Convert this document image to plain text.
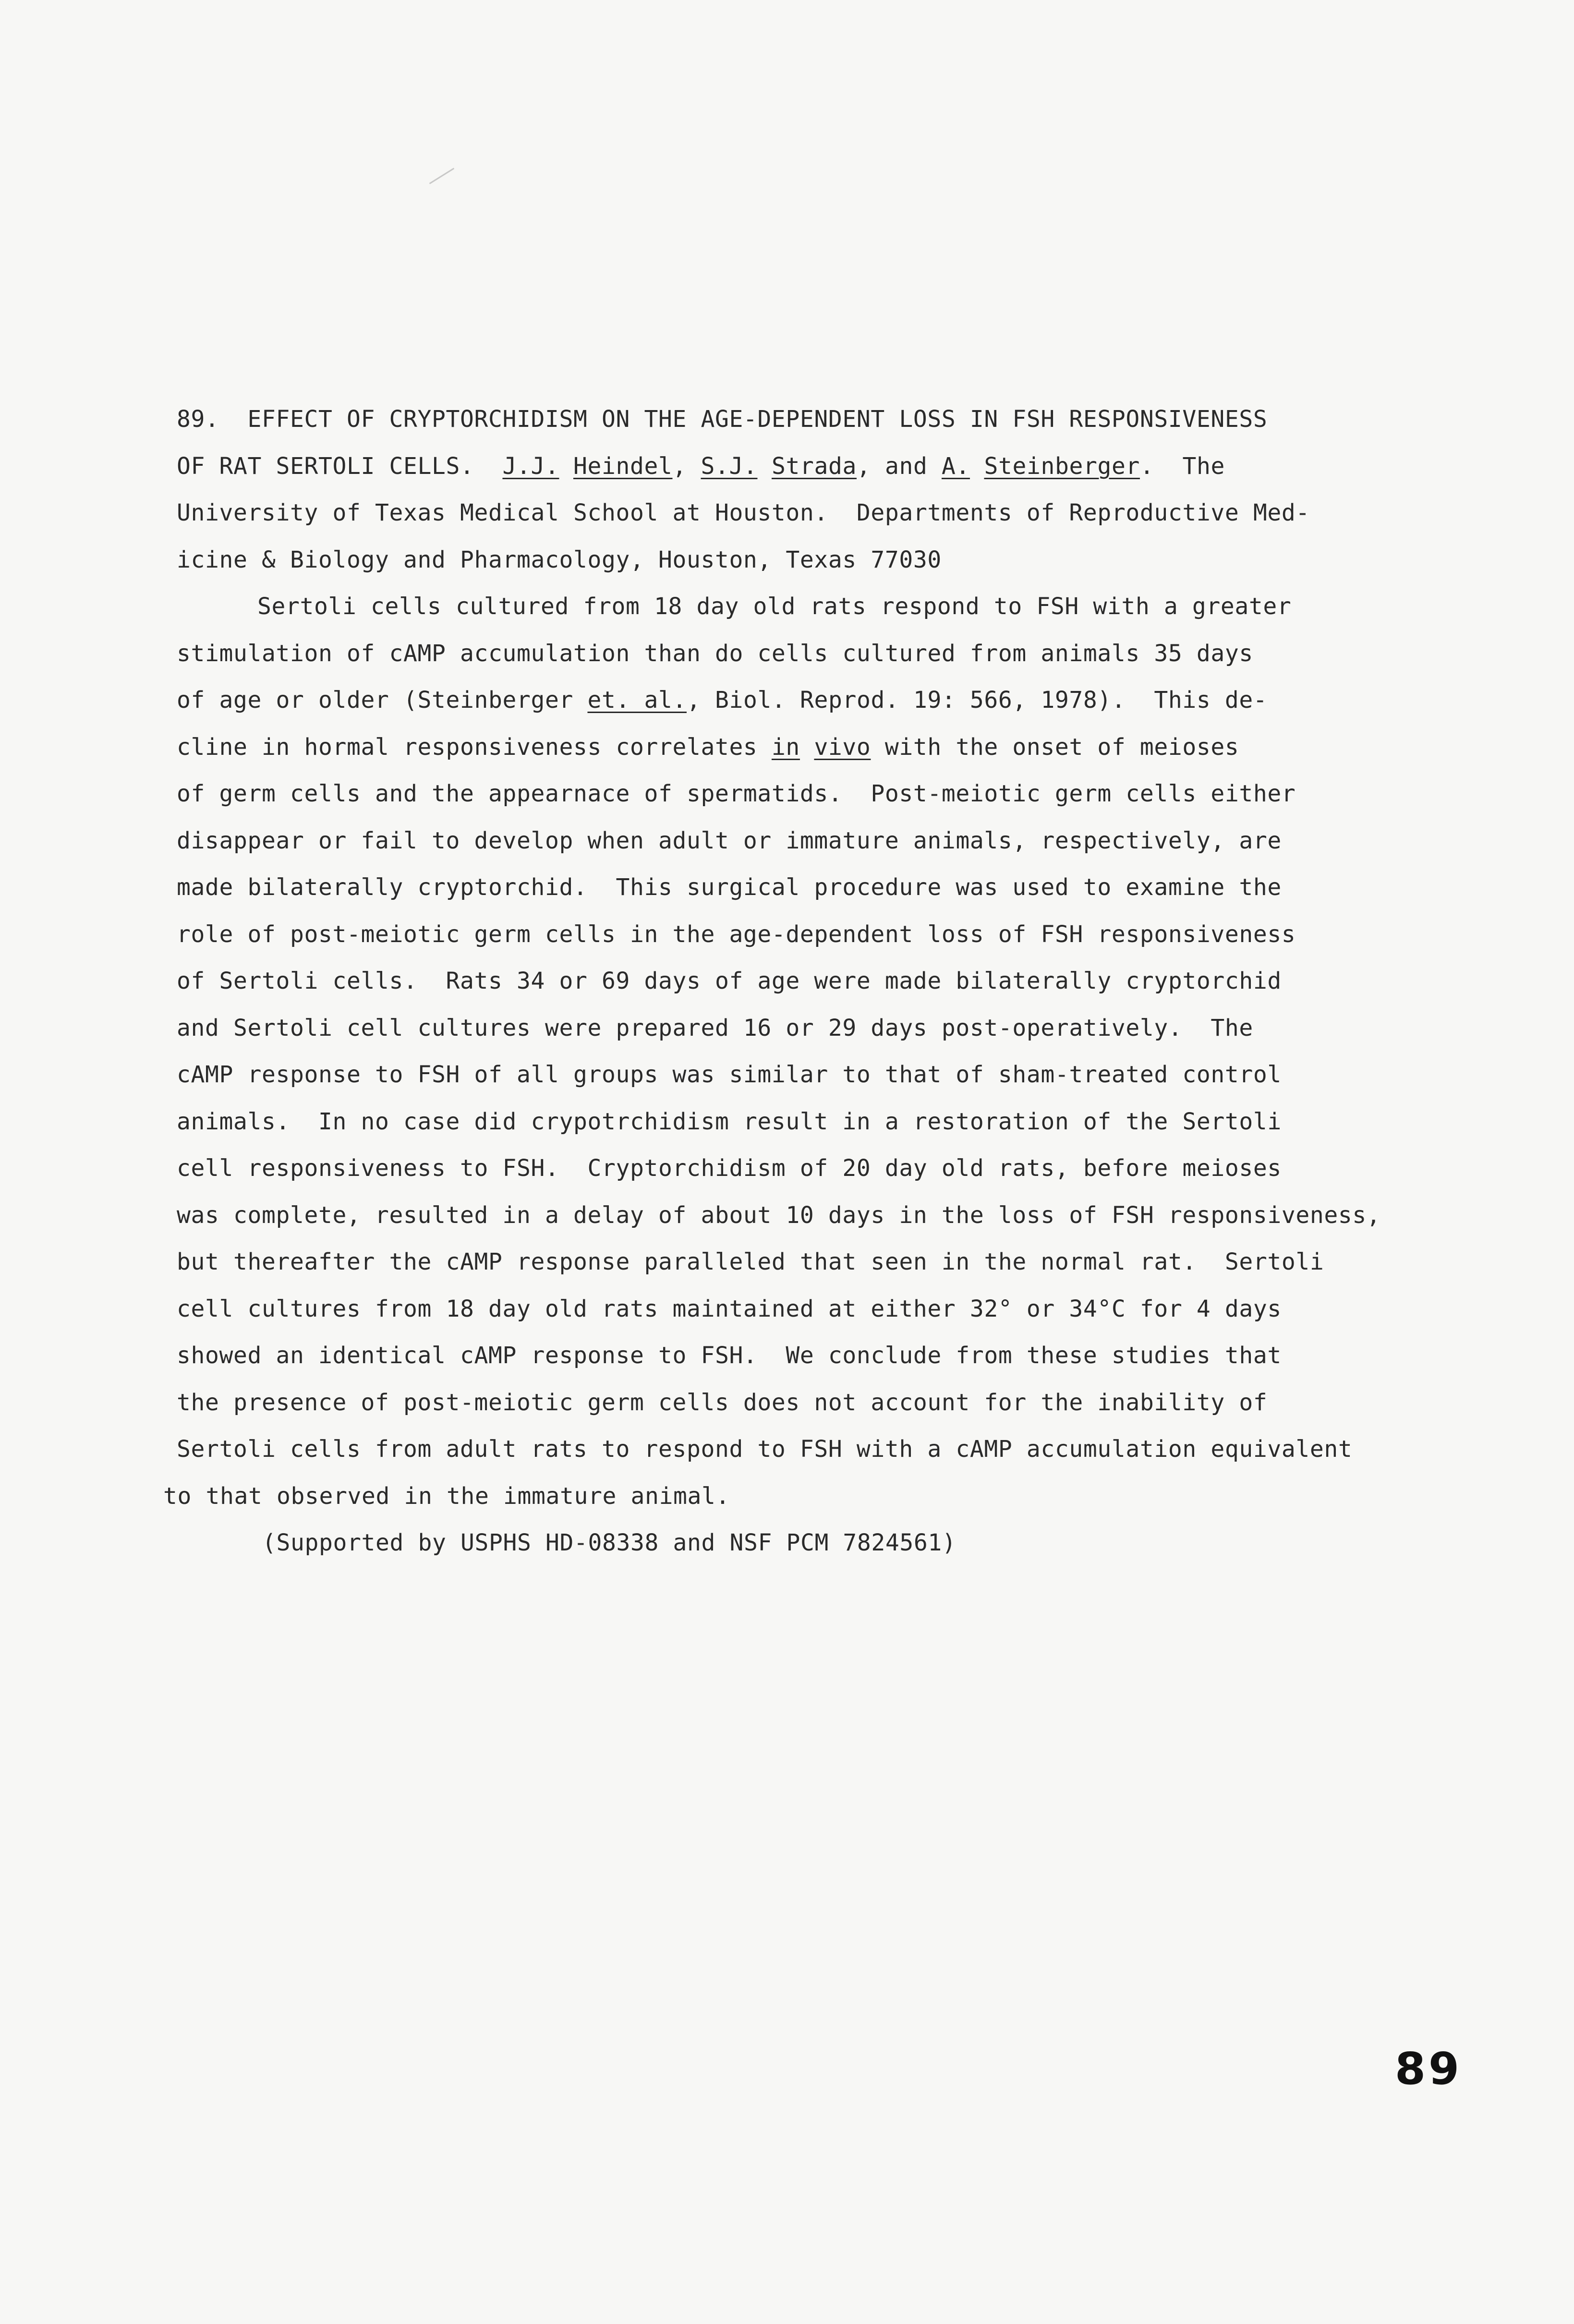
89.  EFFECT OF CRYPTORCHIDISM ON THE AGE-DEPENDENT LOSS IN FSH RESPONSIVENESS
OF RAT SERTOLI CELLS.  J.J. Heindel, S.J. Strada, and A. Steinberger.  The
University of Texas Medical School at Houston.  Departments of Reproductive Med-
icine & Biology and Pharmacology, Houston, Texas 77030
Sertoli cells cultured from 18 day old rats respond to FSH with a greater
stimulation of cAMP accumulation than do cells cultured from animals 35 days
of age or older (Steinberger et. al., Biol. Reprod. 19: 566, 1978).  This de-
cline in hormal responsiveness correlates in vivo with the onset of meioses
of germ cells and the appearnace of spermatids.  Post-meiotic germ cells either
disappear or fail to develop when adult or immature animals, respectively, are
made bilaterally cryptorchid.  This surgical procedure was used to examine the
role of post-meiotic germ cells in the age-dependent loss of FSH responsiveness
of Sertoli cells.  Rats 34 or 69 days of age were made bilaterally cryptorchid
and Sertoli cell cultures were prepared 16 or 29 days post-operatively.  The
cAMP response to FSH of all groups was similar to that of sham-treated control
animals.  In no case did crypotrchidism result in a restoration of the Sertoli
cell responsiveness to FSH.  Cryptorchidism of 20 day old rats, before meioses
was complete, resulted in a delay of about 10 days in the loss of FSH responsiveness,
but thereafter the cAMP response paralleled that seen in the normal rat.  Sertoli
cell cultures from 18 day old rats maintained at either 32° or 34°C for 4 days
showed an identical cAMP response to FSH.  We conclude from these studies that
the presence of post-meiotic germ cells does not account for the inability of
Sertoli cells from adult rats to respond to FSH with a cAMP accumulation equivalent
to that observed in the immature animal.
(Supported by USPHS HD-08338 and NSF PCM 7824561)
89
